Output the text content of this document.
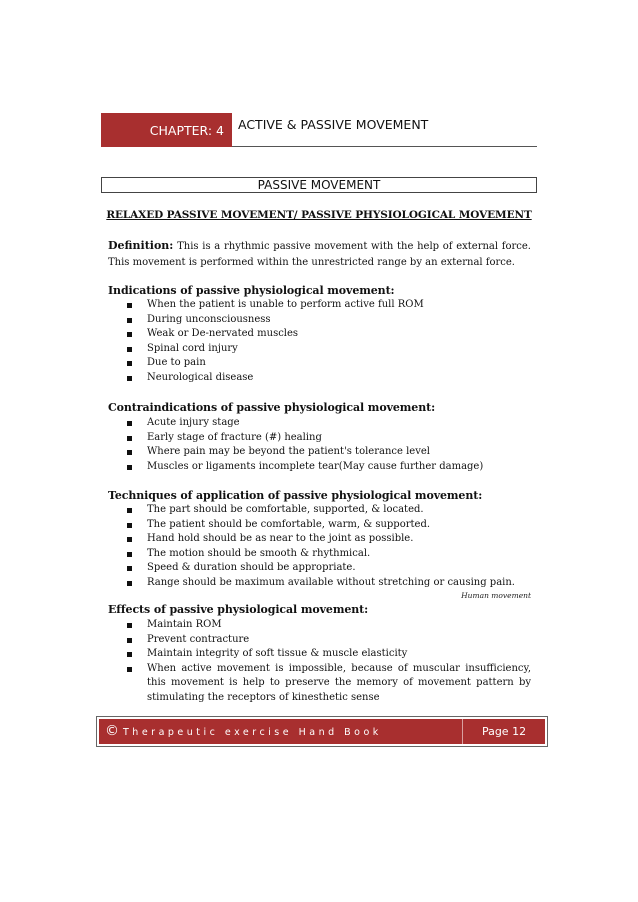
CHAPTER: 4	ACTIVE & PASSIVE MOVEMENT
PASSIVE MOVEMENT
RELAXED PASSIVE MOVEMENT/ PASSIVE PHYSIOLOGICAL MOVEMENT
Definition: This is a rhythmic passive movement with the help of external force. This movement is performed within the unrestricted range by an external force.
Indications of passive physiological movement:
When the patient is unable to perform active full ROM
During unconsciousness
Weak or De-nervated muscles
Spinal cord injury
Due to pain
Neurological disease
Contraindications of passive physiological movement:
Acute injury stage
Early stage of fracture (#) healing
Where pain may be beyond the patient's tolerance level
Muscles or ligaments incomplete tear(May cause further damage)
Techniques of application of passive physiological movement:
The part should be comfortable, supported, & located.
The patient should be comfortable, warm, & supported.
Hand hold should be as near to the joint as possible.
The motion should be smooth & rhythmical.
Speed & duration should be appropriate.
Range should be maximum available without stretching or causing pain.
Human movement
Effects of passive physiological movement:
Maintain ROM
Prevent contracture
Maintain integrity of soft tissue & muscle elasticity
When active movement is impossible, because of muscular insufficiency, this movement is help to preserve the memory of movement pattern by stimulating the receptors of kinesthetic sense
© Therapeutic exercise Hand Book	Page 12
